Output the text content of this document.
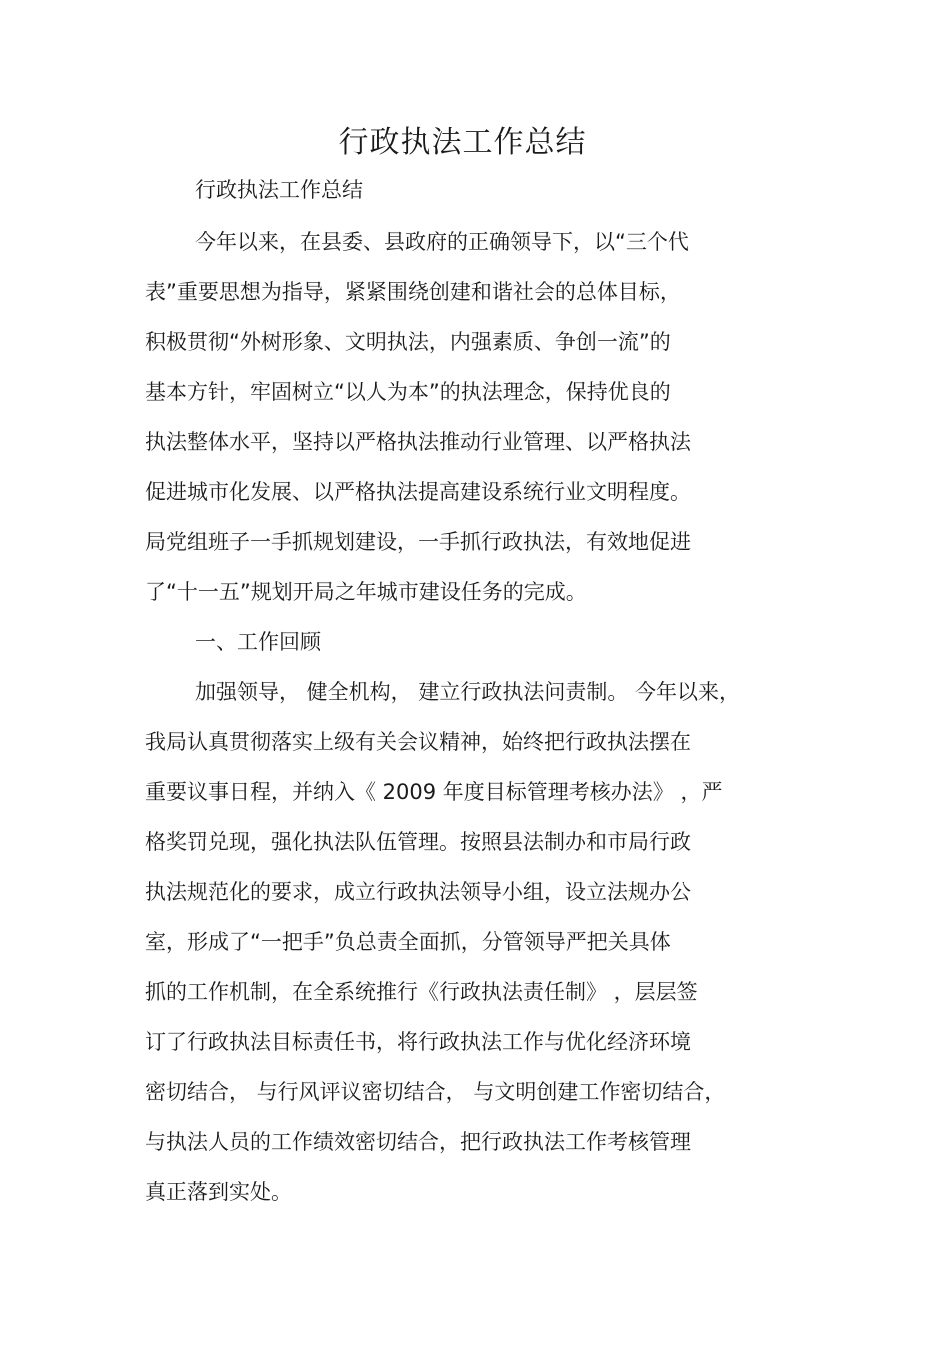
行政执法工作总结
行政执法工作总结
今年以来，在县委、县政府的正确领导下，以“三个代
表”重要思想为指导，紧紧围绕创建和谐社会的总体目标，
积极贯彻“外树形象、文明执法，内强素质、争创一流”的
基本方针，牢固树立“以人为本”的执法理念，保持优良的
执法整体水平，坚持以严格执法推动行业管理、以严格执法
促进城市化发展、以严格执法提高建设系统行业文明程度。
局党组班子一手抓规划建设，一手抓行政执法，有效地促进
了“十一五”规划开局之年城市建设任务的完成。
一、工作回顾
加强领导， 健全机构， 建立行政执法问责制。 今年以来，
我局认真贯彻落实上级有关会议精神，始终把行政执法摆在
重要议事日程，并纳入《 2009 年度目标管理考核办法》 ，严
格奖罚兑现，强化执法队伍管理。按照县法制办和市局行政
执法规范化的要求，成立行政执法领导小组，设立法规办公
室，形成了“一把手”负总责全面抓，分管领导严把关具体
抓的工作机制，在全系统推行《行政执法责任制》 ，层层签
订了行政执法目标责任书，将行政执法工作与优化经济环境
密切结合， 与行风评议密切结合， 与文明创建工作密切结合，
与执法人员的工作绩效密切结合，把行政执法工作考核管理
真正落到实处。
